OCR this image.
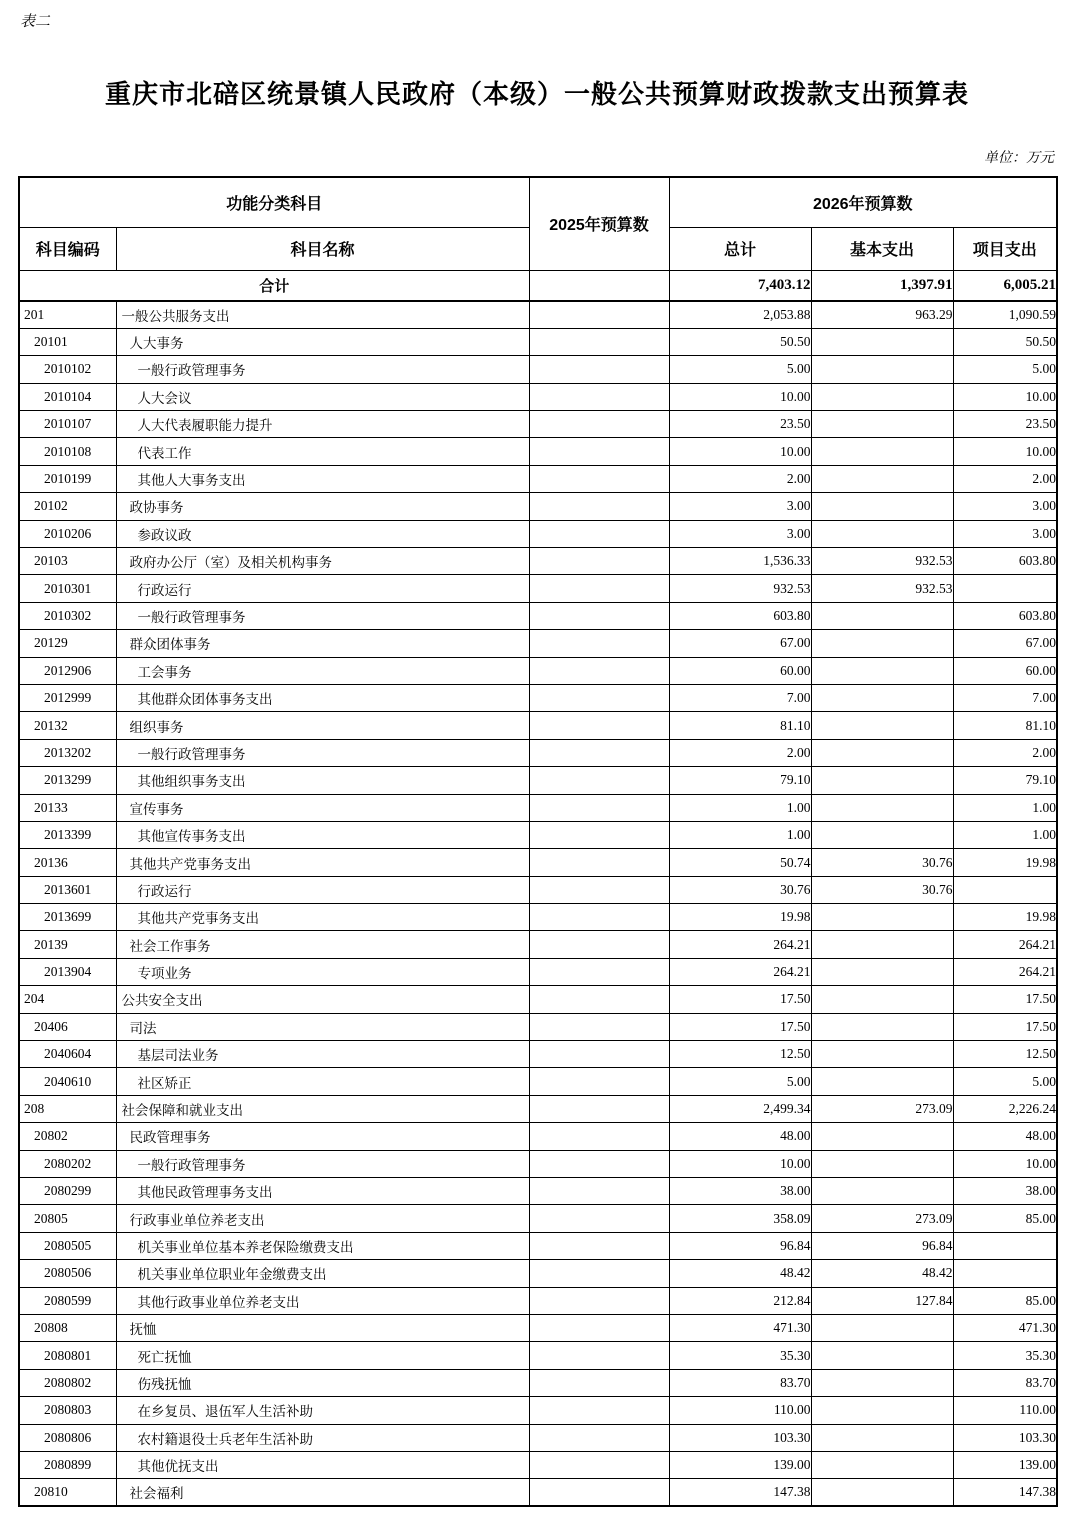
表二
重庆市北碚区统景镇人民政府（本级）一般公共预算财政拨款支出预算表
单位：万元
功能分类科目		2025年预算数	2026年预算数		
科目编码	科目名称		总计	基本支出	项目支出
合计			7,403.12	1,397.91	6,005.21
201	一般公共服务支出		2,053.88	963.29	1,090.59
20101	人大事务		50.50		50.50
2010102	一般行政管理事务		5.00		5.00
2010104	人大会议		10.00		10.00
2010107	人大代表履职能力提升		23.50		23.50
2010108	代表工作		10.00		10.00
2010199	其他人大事务支出		2.00		2.00
20102	政协事务		3.00		3.00
2010206	参政议政		3.00		3.00
20103	政府办公厅（室）及相关机构事务		1,536.33	932.53	603.80
2010301	行政运行		932.53	932.53	
2010302	一般行政管理事务		603.80		603.80
20129	群众团体事务		67.00		67.00
2012906	工会事务		60.00		60.00
2012999	其他群众团体事务支出		7.00		7.00
20132	组织事务		81.10		81.10
2013202	一般行政管理事务		2.00		2.00
2013299	其他组织事务支出		79.10		79.10
20133	宣传事务		1.00		1.00
2013399	其他宣传事务支出		1.00		1.00
20136	其他共产党事务支出		50.74	30.76	19.98
2013601	行政运行		30.76	30.76	
2013699	其他共产党事务支出		19.98		19.98
20139	社会工作事务		264.21		264.21
2013904	专项业务		264.21		264.21
204	公共安全支出		17.50		17.50
20406	司法		17.50		17.50
2040604	基层司法业务		12.50		12.50
2040610	社区矫正		5.00		5.00
208	社会保障和就业支出		2,499.34	273.09	2,226.24
20802	民政管理事务		48.00		48.00
2080202	一般行政管理事务		10.00		10.00
2080299	其他民政管理事务支出		38.00		38.00
20805	行政事业单位养老支出		358.09	273.09	85.00
2080505	机关事业单位基本养老保险缴费支出		96.84	96.84	
2080506	机关事业单位职业年金缴费支出		48.42	48.42	
2080599	其他行政事业单位养老支出		212.84	127.84	85.00
20808	抚恤		471.30		471.30
2080801	死亡抚恤		35.30		35.30
2080802	伤残抚恤		83.70		83.70
2080803	在乡复员、退伍军人生活补助		110.00		110.00
2080806	农村籍退役士兵老年生活补助		103.30		103.30
2080899	其他优抚支出		139.00		139.00
20810	社会福利		147.38		147.38
